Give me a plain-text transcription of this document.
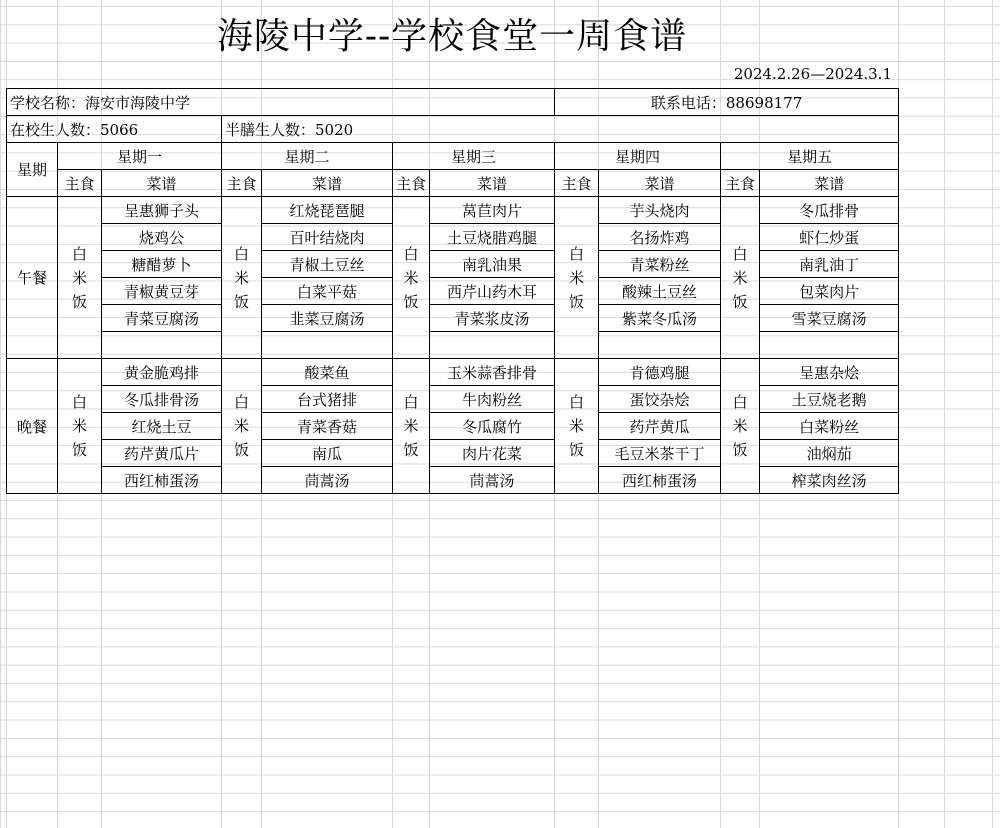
海陵中学--学校食堂一周食谱
2024.2.26—2024.3.1
学校名称：海安市海陵中学							联系电话：88698177			
在校生人数：5066			半膳生人数：5020							
星期	星期一		星期二		星期三		星期四		星期五	
	主食	菜谱	主食	菜谱	主食	菜谱	主食	菜谱	主食	菜谱
午餐	白
米
饭	呈惠狮子头	白
米
饭	红烧琵琶腿	白
米
饭	莴苣肉片	白
米
饭	芋头烧肉	白
米
饭	冬瓜排骨
		烧鸡公		百叶结烧肉		土豆烧腊鸡腿		名扬炸鸡		虾仁炒蛋
		糖醋萝卜		青椒土豆丝		南乳油果		青菜粉丝		南乳油丁
		青椒黄豆芽		白菜平菇		西芹山药木耳		酸辣土豆丝		包菜肉片
		青菜豆腐汤		韭菜豆腐汤		青菜浆皮汤		紫菜冬瓜汤		雪菜豆腐汤

晚餐	白
米
饭	黄金脆鸡排	白
米
饭	酸菜鱼	白
米
饭	玉米蒜香排骨	白
米
饭	肯德鸡腿	白
米
饭	呈惠杂烩
		冬瓜排骨汤		台式猪排		牛肉粉丝		蛋饺杂烩		土豆烧老鹅
		红烧土豆		青菜香菇		冬瓜腐竹		药芹黄瓜		白菜粉丝
		药芹黄瓜片		南瓜		肉片花菜		毛豆米茶干丁		油焖茄
		西红柿蛋汤		茼蒿汤		茼蒿汤		西红柿蛋汤		榨菜肉丝汤
